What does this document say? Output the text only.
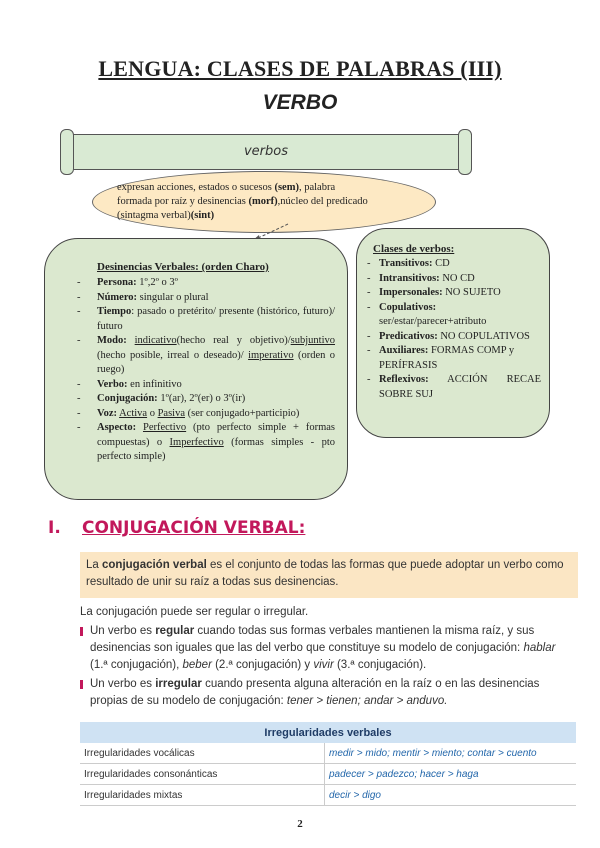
LENGUA: CLASES DE PALABRAS (III)
VERBO
verbos

expresan acciones, estados o sucesos (sem), palabra
formada por raíz y desinencias (morf),núcleo del predicado
(sintagma verbal)(sint)

Desinencias Verbales: (orden Charo)

- Persona: 1º,2º o 3º

- Número: singular o plural

- Tiempo: pasado o pretérito/ presente (histórico, futuro)/ futuro

- Modo: indicativo(hecho real y objetivo)/subjuntivo (hecho posible, irreal o deseado)/ imperativo (orden o ruego)

- Verbo: en infinitivo

- Conjugación: 1º(ar), 2º(er) o 3º(ir)

- Voz: Activa o Pasiva (ser conjugado+participio)

- Aspecto: Perfectivo (pto perfecto simple + formas compuestas) o Imperfectivo (formas simples - pto perfecto simple)

Clases de verbos:

- Transitivos: CD

- Intransitivos: NO CD

- Impersonales: NO SUJETO

- Copulativos: ser/estar/parecer+atributo

- Predicativos: NO COPULATIVOS

- Auxiliares: FORMAS COMP y PERÍFRASIS

- Reflexivos: ACCIÓN RECAE SOBRE SUJ

I. CONJUGACIÓN VERBAL:

La conjugación verbal es el conjunto de todas las formas que puede adoptar un verbo como resultado de unir su raíz a todas sus desinencias.

La conjugación puede ser regular o irregular.

Un verbo es regular cuando todas sus formas verbales mantienen la misma raíz, y sus desinencias son iguales que las del verbo que constituye su modelo de conjugación: hablar (1.ª conjugación), beber (2.ª conjugación) y vivir (3.ª conjugación).

Un verbo es irregular cuando presenta alguna alteración en la raíz o en las desinencias propias de su modelo de conjugación: tener > tienen; andar > anduvo.

Irregularidades verbales	
Irregularidades vocálicas	medir > mido; mentir > miento; contar > cuento
Irregularidades consonánticas	padecer > padezco; hacer > haga
Irregularidades mixtas	decir > digo
2
